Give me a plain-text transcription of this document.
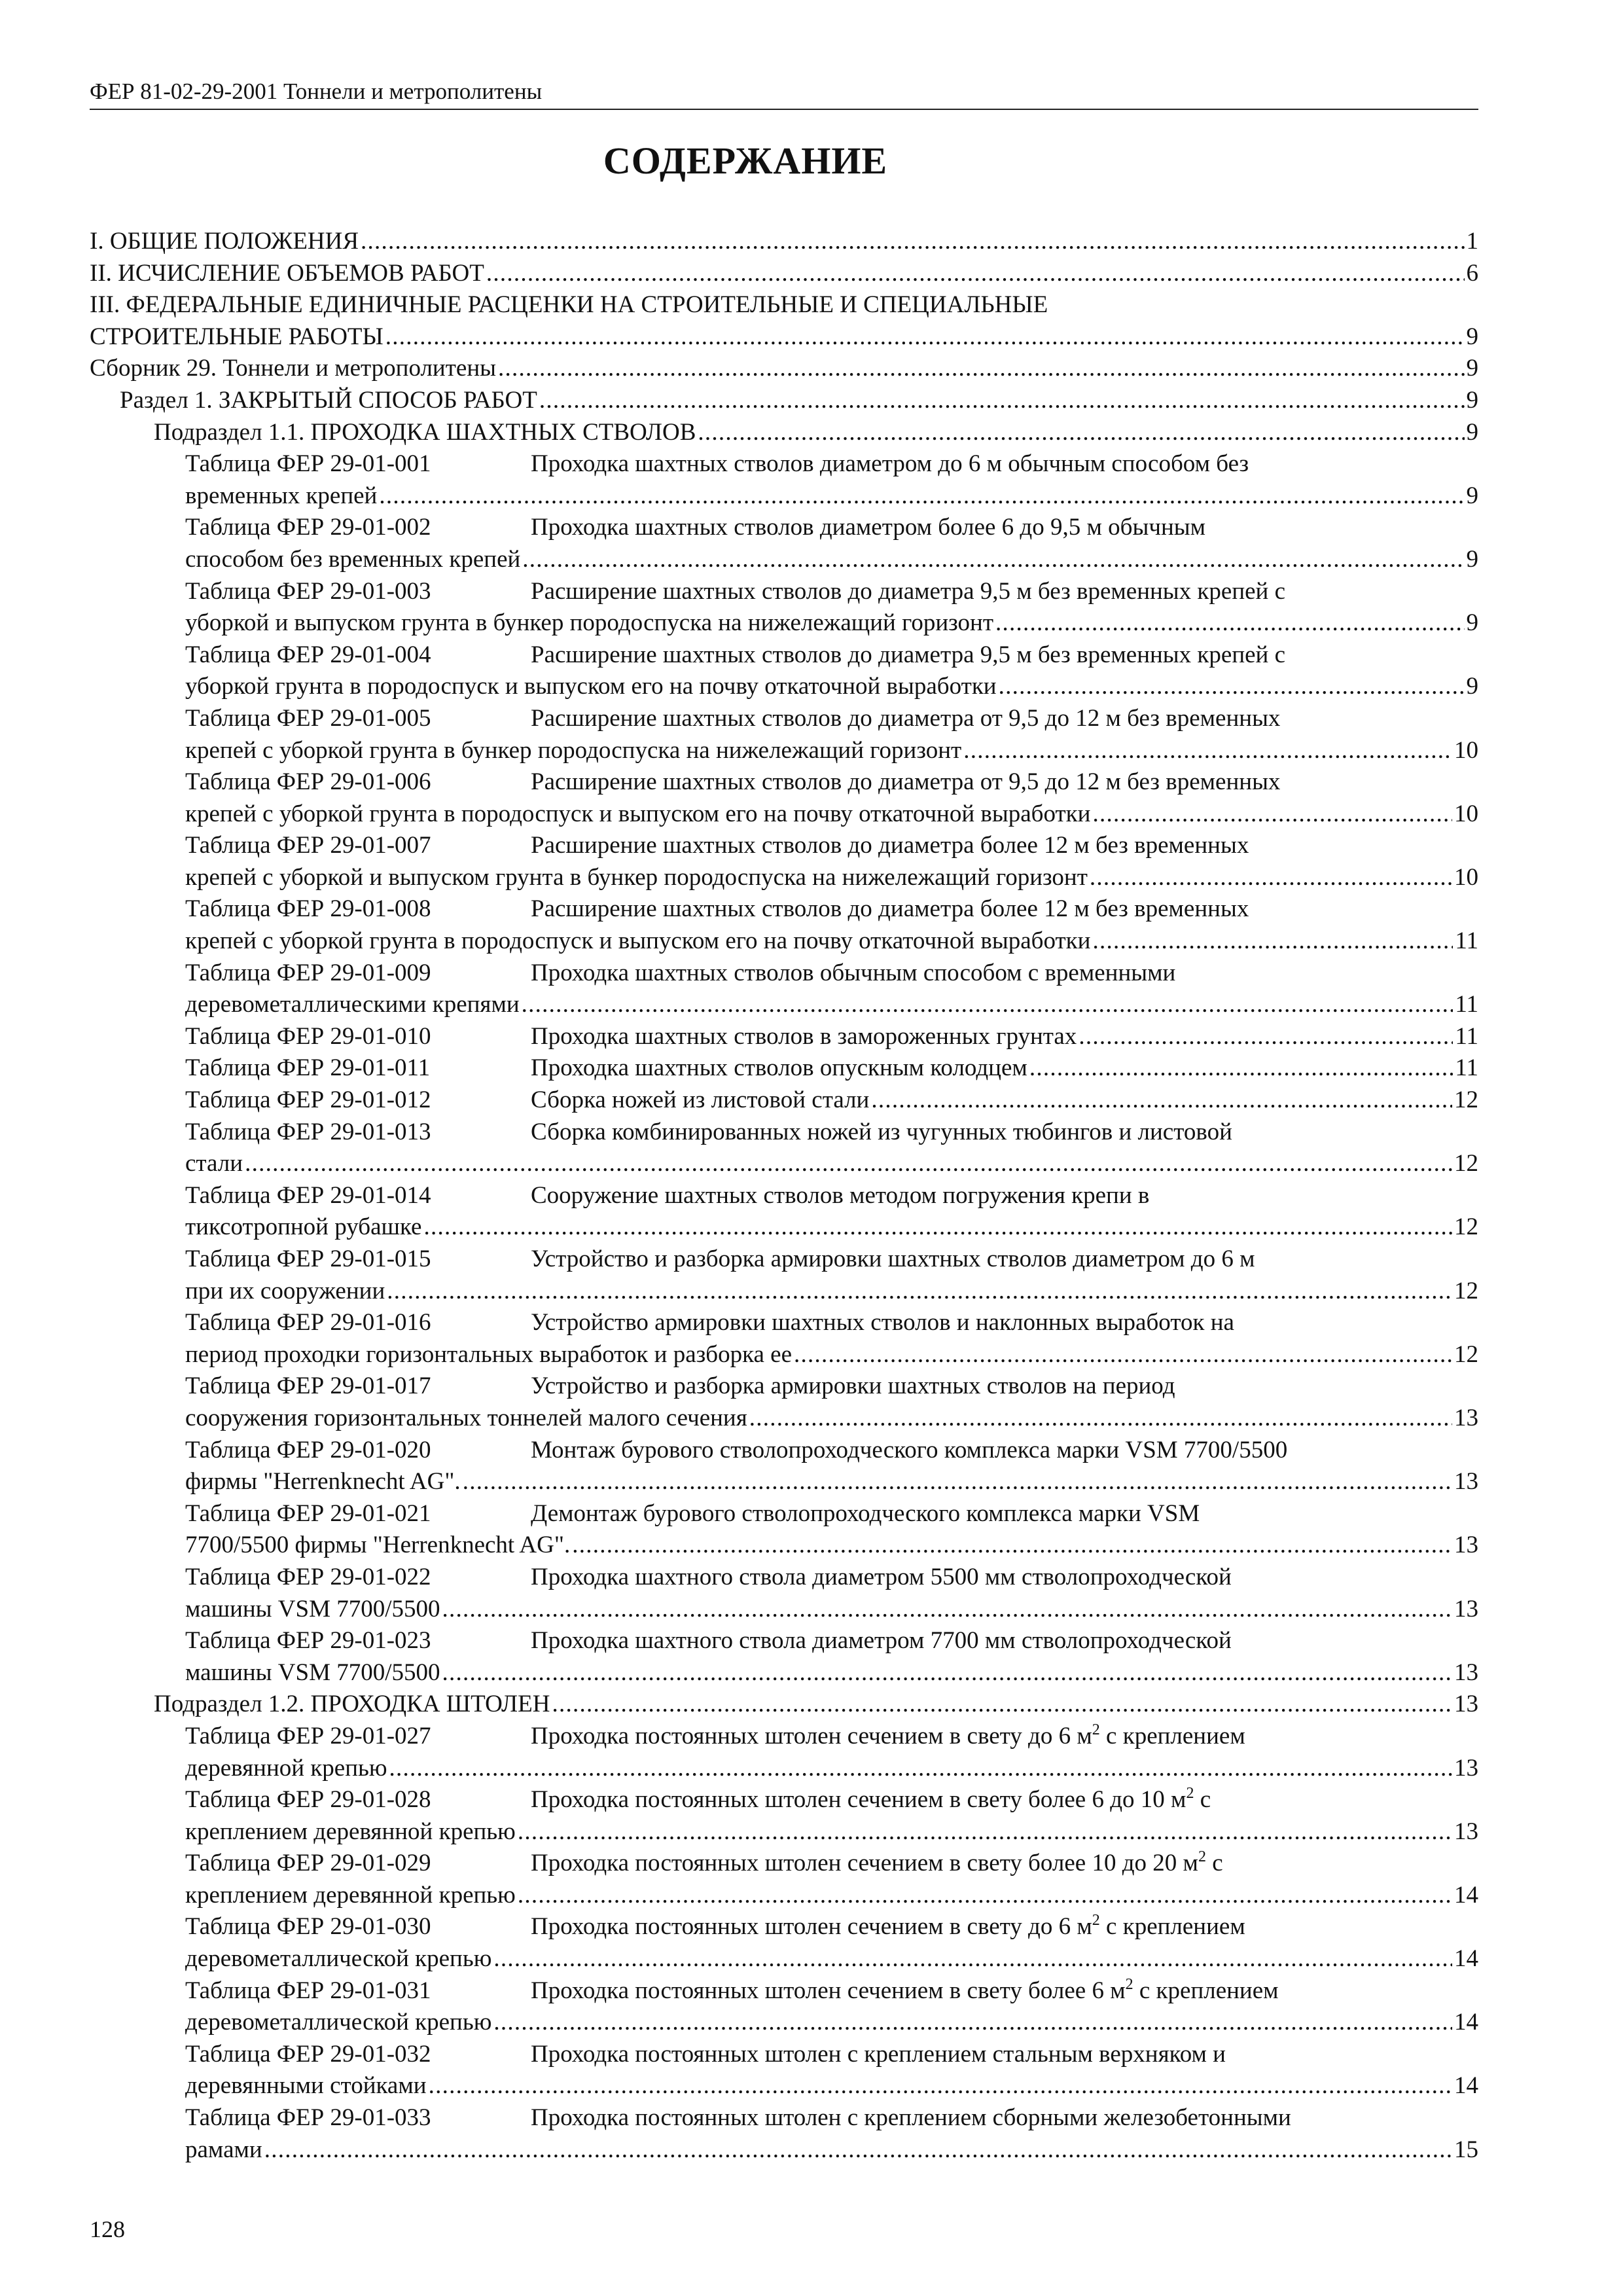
ФЕР 81-02-29-2001 Тоннели и метрополитены
СОДЕРЖАНИЕ
I. ОБЩИЕ ПОЛОЖЕНИЯ . . .	1
II. ИСЧИСЛЕНИЕ ОБЪЕМОВ РАБОТ . . .	6
III. ФЕДЕРАЛЬНЫЕ ЕДИНИЧНЫЕ РАСЦЕНКИ НА СТРОИТЕЛЬНЫЕ И СПЕЦИАЛЬНЫЕ
СТРОИТЕЛЬНЫЕ РАБОТЫ . . .	9
Сборник 29. Тоннели и метрополитены . . .	9
Раздел 1. ЗАКРЫТЫЙ СПОСОБ РАБОТ . . .	9
Подраздел 1.1. ПРОХОДКА ШАХТНЫХ СТВОЛОВ . . .	9
Таблица ФЕР 29-01-001	Проходка шахтных стволов диаметром до 6 м обычным способом без
временных крепей . . .	9
Таблица ФЕР 29-01-002	Проходка шахтных стволов диаметром более 6 до 9,5 м обычным
способом без временных крепей . . .	9
Таблица ФЕР 29-01-003	Расширение шахтных стволов до диаметра 9,5 м без временных крепей с
уборкой и выпуском грунта в бункер породоспуска на нижележащий горизонт . . .	9
Таблица ФЕР 29-01-004	Расширение шахтных стволов до диаметра 9,5 м без временных крепей с
уборкой грунта в породоспуск и выпуском его на почву откаточной выработки . . .	9
Таблица ФЕР 29-01-005	Расширение шахтных стволов до диаметра от 9,5 до 12 м без временных
крепей с уборкой грунта в бункер породоспуска на нижележащий горизонт . . .	10
Таблица ФЕР 29-01-006	Расширение шахтных стволов до диаметра от 9,5 до 12 м без временных
крепей с уборкой грунта в породоспуск и выпуском его на почву откаточной выработки . . .	10
Таблица ФЕР 29-01-007	Расширение шахтных стволов до диаметра более 12 м без временных
крепей с уборкой и выпуском грунта в бункер породоспуска на нижележащий горизонт . . .	10
Таблица ФЕР 29-01-008	Расширение шахтных стволов до диаметра более 12 м без временных
крепей с уборкой грунта в породоспуск и выпуском его на почву откаточной выработки . . .	11
Таблица ФЕР 29-01-009	Проходка шахтных стволов обычным способом с временными
деревометаллическими крепями . . .	11
Таблица ФЕР 29-01-010	Проходка шахтных стволов в замороженных грунтах . . .	11
Таблица ФЕР 29-01-011	Проходка шахтных стволов опускным колодцем . . .	11
Таблица ФЕР 29-01-012	Сборка ножей из листовой стали . . .	12
Таблица ФЕР 29-01-013	Сборка комбинированных ножей из чугунных тюбингов и листовой
стали . . .	12
Таблица ФЕР 29-01-014	Сооружение шахтных стволов методом погружения крепи в
тиксотропной рубашке . . .	12
Таблица ФЕР 29-01-015	Устройство и разборка армировки шахтных стволов диаметром до 6 м
при их сооружении . . .	12
Таблица ФЕР 29-01-016	Устройство армировки шахтных стволов и наклонных выработок на
период проходки горизонтальных выработок и разборка ее . . .	12
Таблица ФЕР 29-01-017	Устройство и разборка армировки шахтных стволов на период
сооружения горизонтальных тоннелей малого сечения . . .	13
Таблица ФЕР 29-01-020	Монтаж бурового стволопроходческого комплекса марки VSM 7700/5500
фирмы "Herrenknecht AG". . . .	13
Таблица ФЕР 29-01-021	Демонтаж бурового стволопроходческого комплекса марки VSM
7700/5500 фирмы "Herrenknecht AG". . . .	13
Таблица ФЕР 29-01-022	Проходка шахтного ствола диаметром 5500 мм стволопроходческой
машины VSM 7700/5500 . . .	13
Таблица ФЕР 29-01-023	Проходка шахтного ствола диаметром 7700 мм стволопроходческой
машины VSM 7700/5500 . . .	13
Подраздел 1.2. ПРОХОДКА ШТОЛЕН . . .	13
Таблица ФЕР 29-01-027	Проходка постоянных штолен сечением в свету до 6 $м^2$ с креплением
деревянной крепью . . .	13
Таблица ФЕР 29-01-028	Проходка постоянных штолен сечением в свету более 6 до 10 $м^2$ с
креплением деревянной крепью . . .	13
Таблица ФЕР 29-01-029	Проходка постоянных штолен сечением в свету более 10 до 20 $м^2$ с
креплением деревянной крепью . . .	14
Таблица ФЕР 29-01-030	Проходка постоянных штолен сечением в свету до 6 $м^2$ с креплением
деревометаллической крепью . . .	14
Таблица ФЕР 29-01-031	Проходка постоянных штолен сечением в свету более 6 $м^2$ с креплением
деревометаллической крепью . . .	14
Таблица ФЕР 29-01-032	Проходка постоянных штолен с креплением стальным верхняком и
деревянными стойками . . .	14
Таблица ФЕР 29-01-033	Проходка постоянных штолен с креплением сборными железобетонными
рамами . . .	15
128
